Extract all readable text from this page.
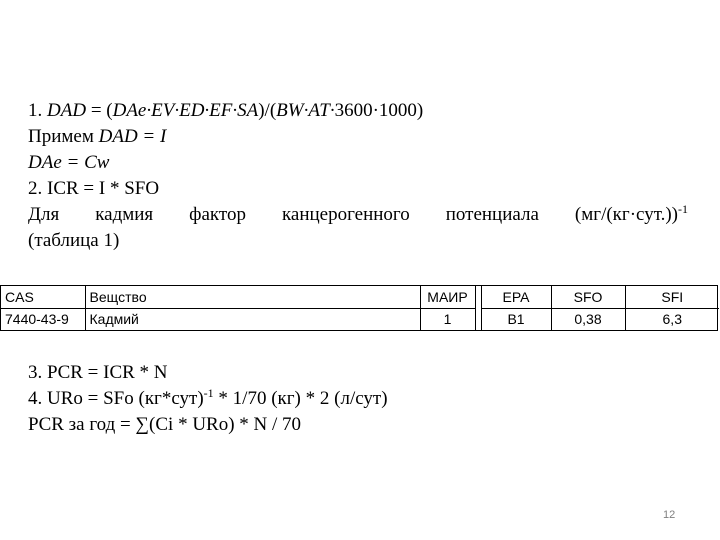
1. DAD = (DAe·EV·ED·EF·SA)/(BW·AT·3600·1000)
Примем DAD = I
DAe = Cw
2. ICR = I * SFO
Для кадмия фактор канцерогенного потенциала $(мг/(кг\cdot сут.))^{-1}$
(таблица 1)
CAS	Вещство	МАИР		EPA	SFO	SFI
7440-43-9	Кадмий	1		B1	0,38	6,3
3. PCR = ICR * N
4. URo = SFo $(кг*сут)^{-1} * 1/70$ (кг) * 2 (л/сут)
PCR за год = ∑(Ci * URo) * N / 70
12
